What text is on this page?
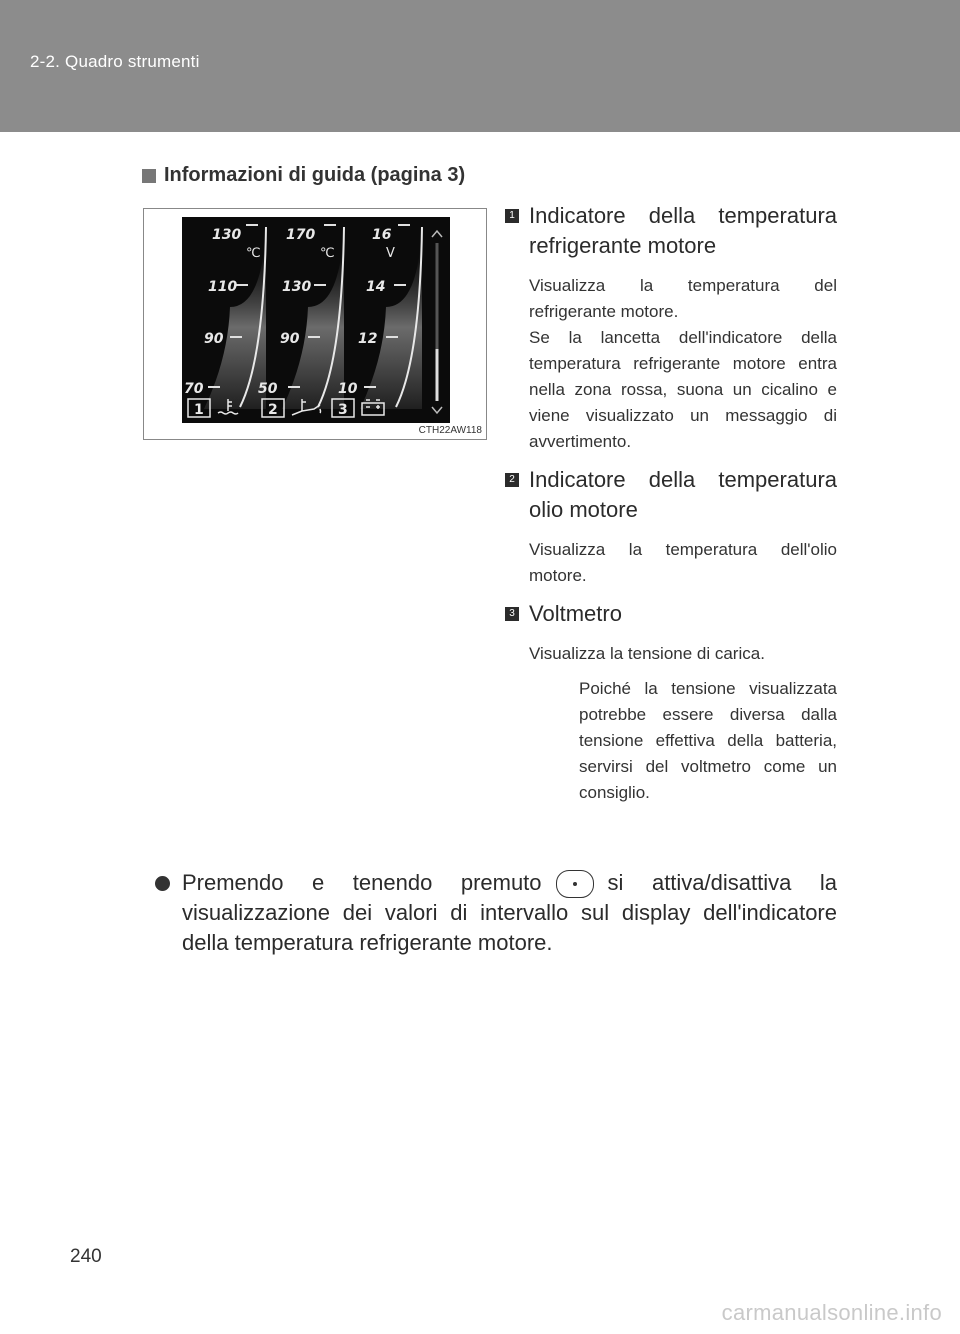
2-2. Quadro strumenti
Informazioni di guida (pagina 3)
130
110
90
70
170
130
90
50
16
14
12
10
℃	℃	V
1	2	3
CTH22AW118
1 Indicatore della temperatura refrigerante motore
Visualizza la temperatura del refrigerante motore.
Se la lancetta dell'indicatore della temperatura refrigerante motore entra nella zona rossa, suona un cicalino e viene visualizzato un messaggio di avvertimento.
2 Indicatore della temperatura olio motore
Visualizza la temperatura dell'olio motore.
3 Voltmetro
Visualizza la tensione di carica.
Poiché la tensione visualizzata potrebbe essere diversa dalla tensione effettiva della batteria, servirsi del voltmetro come un consiglio.
Premendo e tenendo premuto	si attiva/disattiva la visualizzazione dei valori di intervallo sul display dell'indicatore della temperatura refrigerante motore.
240
carmanualsonline.info
